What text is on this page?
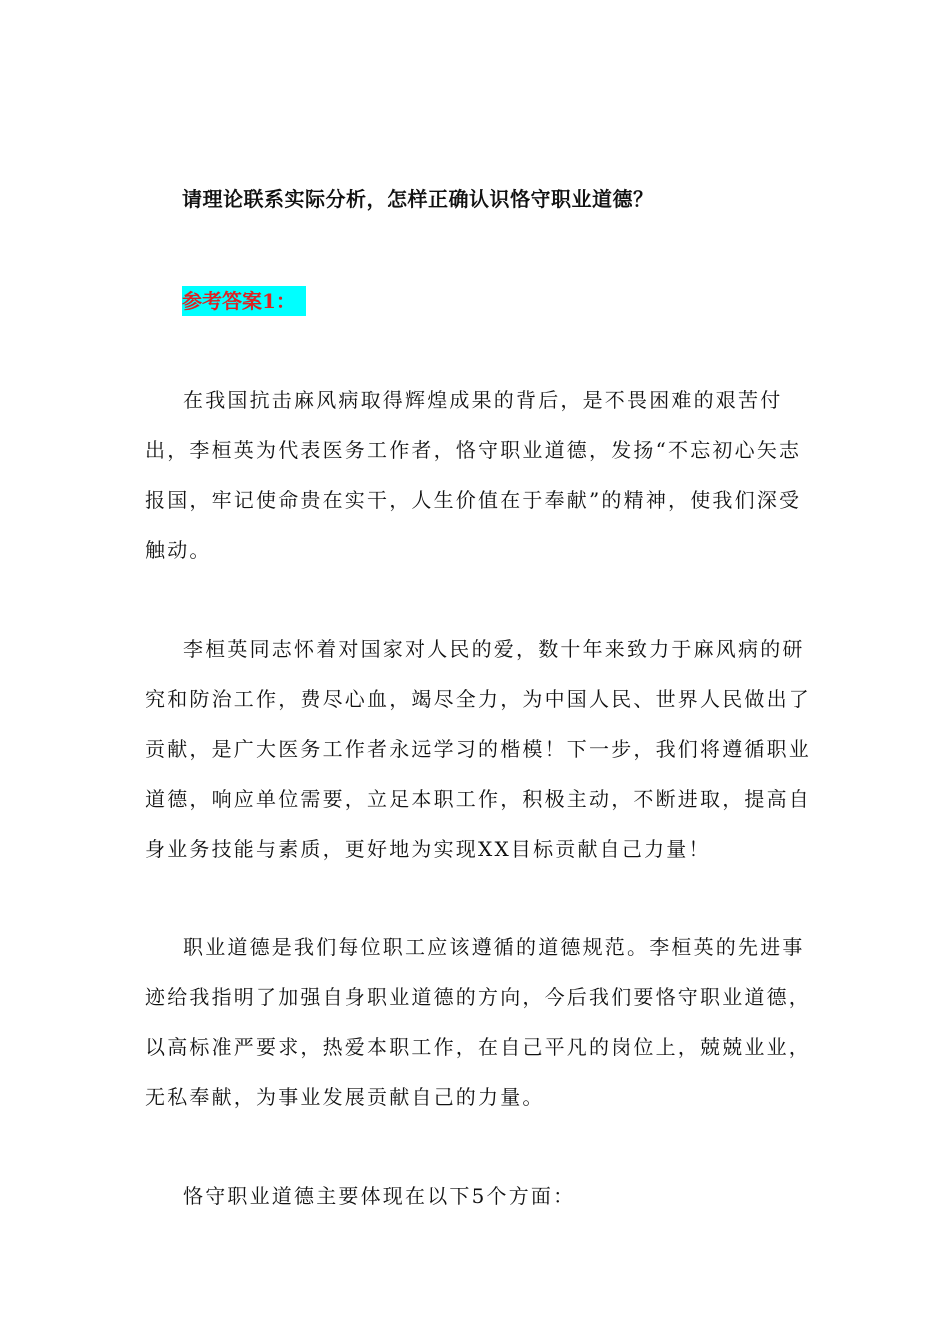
请理论联系实际分析，怎样正确认识恪守职业道德？
参考答案1：

在我国抗击麻风病取得辉煌成果的背后，是不畏困难的艰苦付出，李桓英为代表医务工作者，恪守职业道德，发扬“不忘初心矢志报国，牢记使命贵在实干，人生价值在于奉献”的精神，使我们深受触动。

李桓英同志怀着对国家对人民的爱，数十年来致力于麻风病的研究和防治工作，费尽心血，竭尽全力，为中国人民、世界人民做出了贡献，是广大医务工作者永远学习的楷模！下一步，我们将遵循职业道德，响应单位需要，立足本职工作，积极主动，不断进取，提高自身业务技能与素质，更好地为实现XX目标贡献自己力量！

职业道德是我们每位职工应该遵循的道德规范。李桓英的先进事迹给我指明了加强自身职业道德的方向，今后我们要恪守职业道德，以高标准严要求，热爱本职工作，在自己平凡的岗位上，兢兢业业，无私奉献，为事业发展贡献自己的力量。

恪守职业道德主要体现在以下5个方面：
